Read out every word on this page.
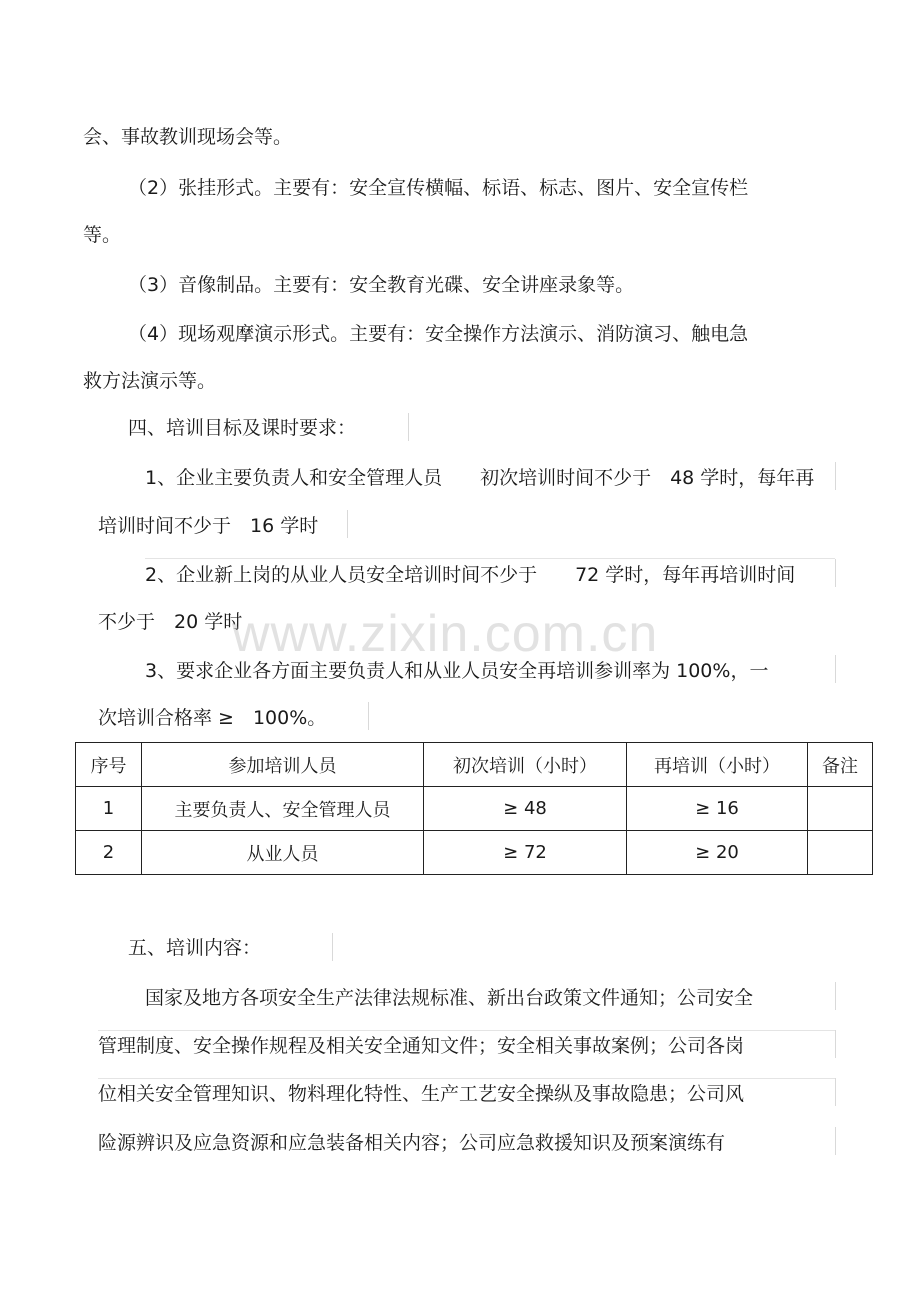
会、事故教训现场会等。
（2）张挂形式。主要有：安全宣传横幅、标语、标志、图片、安全宣传栏
等。
（3）音像制品。主要有：安全教育光碟、安全讲座录象等。
（4）现场观摩演示形式。主要有：安全操作方法演示、消防演习、触电急
救方法演示等。
四、培训目标及课时要求：
1、企业主要负责人和安全管理人员　　初次培训时间不少于　48 学时，每年再
培训时间不少于　16 学时
2、企业新上岗的从业人员安全培训时间不少于　　72 学时，每年再培训时间
不少于　20 学时
3、要求企业各方面主要负责人和从业人员安全再培训参训率为 100%，一
次培训合格率 ≥　100%。
www.zixin.com.cn
序号	参加培训人员	初次培训（小时）	再培训（小时）	备注
1	主要负责人、安全管理人员	≥ 48	≥ 16	
2	从业人员	≥ 72	≥ 20	
五、培训内容：
国家及地方各项安全生产法律法规标准、新出台政策文件通知；公司安全
管理制度、安全操作规程及相关安全通知文件；安全相关事故案例；公司各岗
位相关安全管理知识、物料理化特性、生产工艺安全操纵及事故隐患；公司风
险源辨识及应急资源和应急装备相关内容；公司应急救援知识及预案演练有
